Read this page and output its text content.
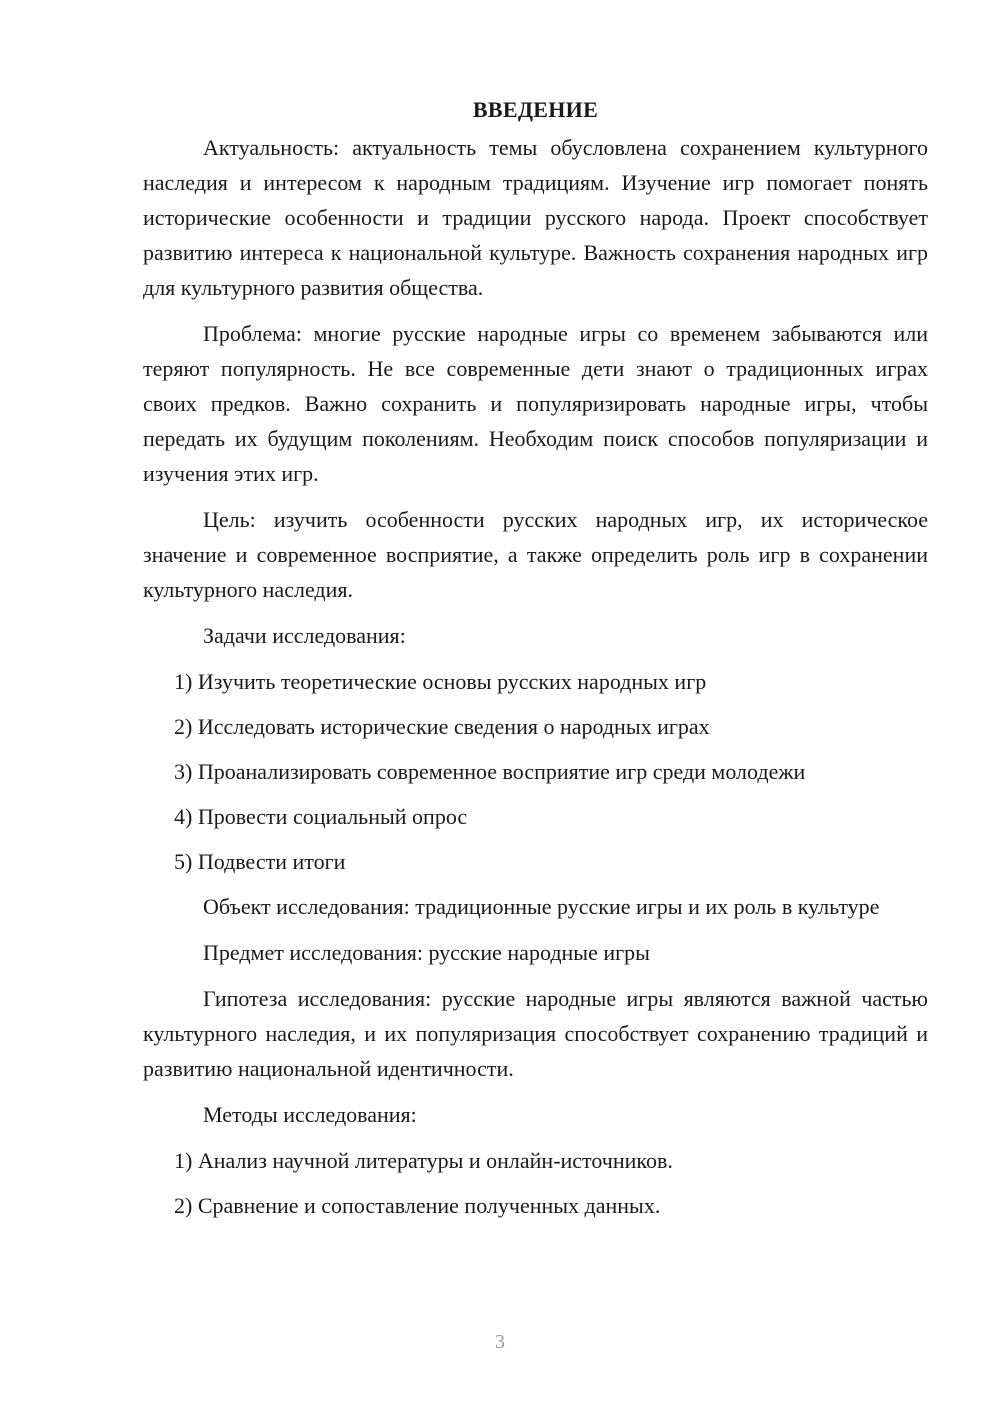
ВВЕДЕНИЕ

Актуальность: актуальность темы обусловлена сохранением культурного наследия и интересом к народным традициям. Изучение игр помогает понять исторические особенности и традиции русского народа. Проект способствует развитию интереса к национальной культуре. Важность сохранения народных игр для культурного развития общества.

Проблема: многие русские народные игры со временем забываются или теряют популярность. Не все современные дети знают о традиционных играх своих предков. Важно сохранить и популяризировать народные игры, чтобы передать их будущим поколениям. Необходим поиск способов популяризации и изучения этих игр.

Цель: изучить особенности русских народных игр, их историческое значение и современное восприятие, а также определить роль игр в сохранении культурного наследия.

Задачи исследования:

1) Изучить теоретические основы русских народных игр

2) Исследовать исторические сведения о народных играх

3) Проанализировать современное восприятие игр среди молодежи

4) Провести социальный опрос

5) Подвести итоги

Объект исследования: традиционные русские игры и их роль в культуре

Предмет исследования: русские народные игры

Гипотеза исследования: русские народные игры являются важной частью культурного наследия, и их популяризация способствует сохранению традиций и развитию национальной идентичности.

Методы исследования:

1) Анализ научной литературы и онлайн-источников.

2) Сравнение и сопоставление полученных данных.

3
